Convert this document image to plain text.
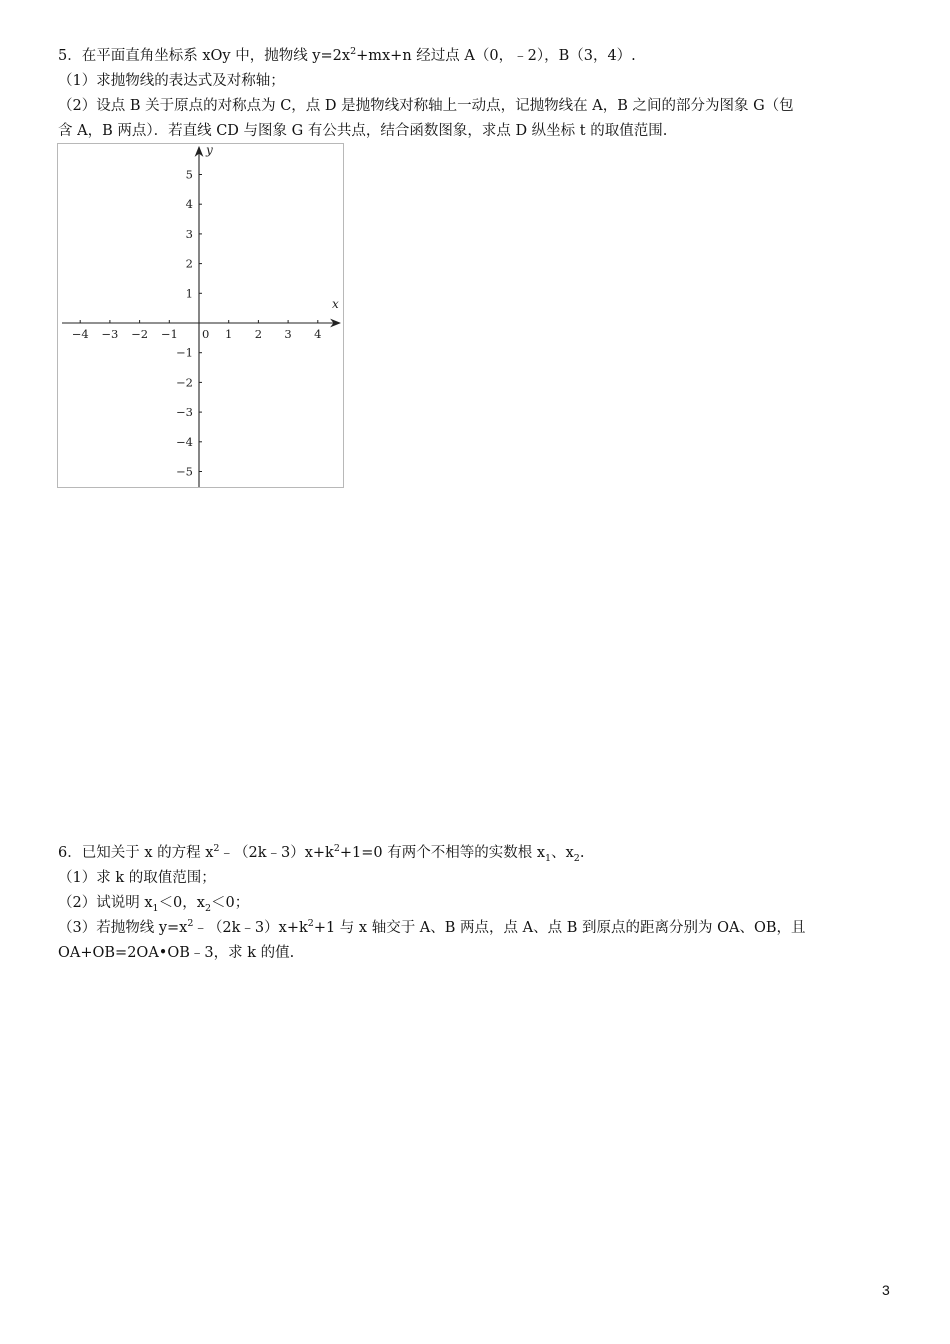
5．在平面直角坐标系 xOy 中，抛物线 $y=2x^2+mx+n$ 经过点 A（0，﹣2），B（3，4）.
（1）求抛物线的表达式及对称轴；
（2）设点 B 关于原点的对称点为 C，点 D 是抛物线对称轴上一动点，记抛物线在 A，B 之间的部分为图象 G（包
含 A，B 两点）．若直线 CD 与图象 G 有公共点，结合函数图象，求点 D 纵坐标 t 的取值范围.
x
y
0
−4 −3 −2 −1	1 2 3 4
5
4
3
2
1
−1
−2
−3
−4
−5
6．已知关于 x 的方程 $x^2﹣(2k﹣3)x+k^2+1=0$ 有两个不相等的实数根 $x_1$、$x_2$.
（1）求 k 的取值范围；
（2）试说明 $x_1<0$，$x_2<0$；
（3）若抛物线 $y=x^2﹣(2k﹣3)x+k^2+1$ 与 x 轴交于 A、B 两点，点 A、点 B 到原点的距离分别为 OA、OB，且
OA+OB=2OA•OB﹣3，求 k 的值.
3
